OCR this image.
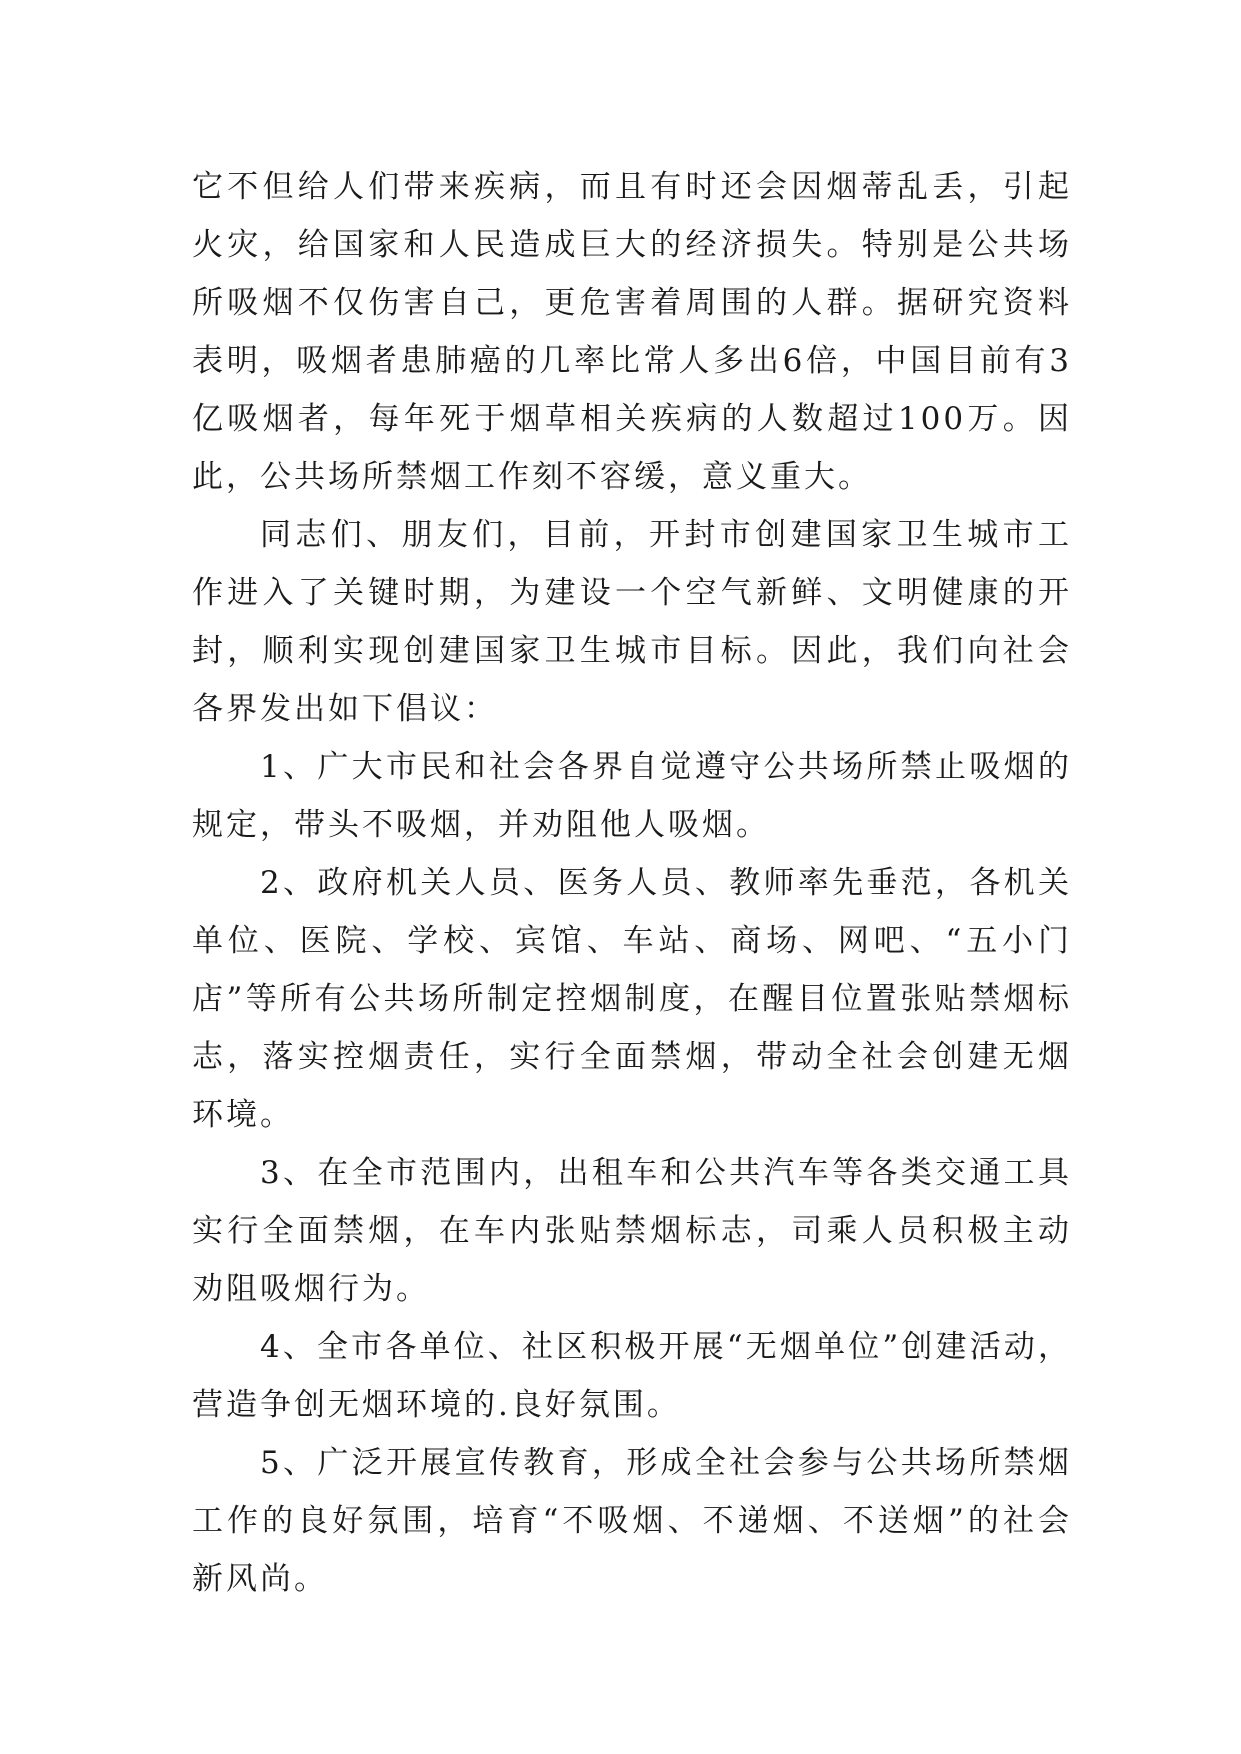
它不但给人们带来疾病，而且有时还会因烟蒂乱丢，引起火灾，给国家和人民造成巨大的经济损失。特别是公共场所吸烟不仅伤害自己，更危害着周围的人群。据研究资料表明，吸烟者患肺癌的几率比常人多出6倍，中国目前有3亿吸烟者，每年死于烟草相关疾病的人数超过100万。因此，公共场所禁烟工作刻不容缓，意义重大。

同志们、朋友们，目前，开封市创建国家卫生城市工作进入了关键时期，为建设一个空气新鲜、文明健康的开封，顺利实现创建国家卫生城市目标。因此，我们向社会各界发出如下倡议：

1、广大市民和社会各界自觉遵守公共场所禁止吸烟的规定，带头不吸烟，并劝阻他人吸烟。

2、政府机关人员、医务人员、教师率先垂范，各机关单位、医院、学校、宾馆、车站、商场、网吧、“五小门店”等所有公共场所制定控烟制度，在醒目位置张贴禁烟标志，落实控烟责任，实行全面禁烟，带动全社会创建无烟环境。

3、在全市范围内，出租车和公共汽车等各类交通工具实行全面禁烟，在车内张贴禁烟标志，司乘人员积极主动劝阻吸烟行为。

4、全市各单位、社区积极开展“无烟单位”创建活动，营造争创无烟环境的.良好氛围。

5、广泛开展宣传教育，形成全社会参与公共场所禁烟工作的良好氛围，培育“不吸烟、不递烟、不送烟”的社会新风尚。
